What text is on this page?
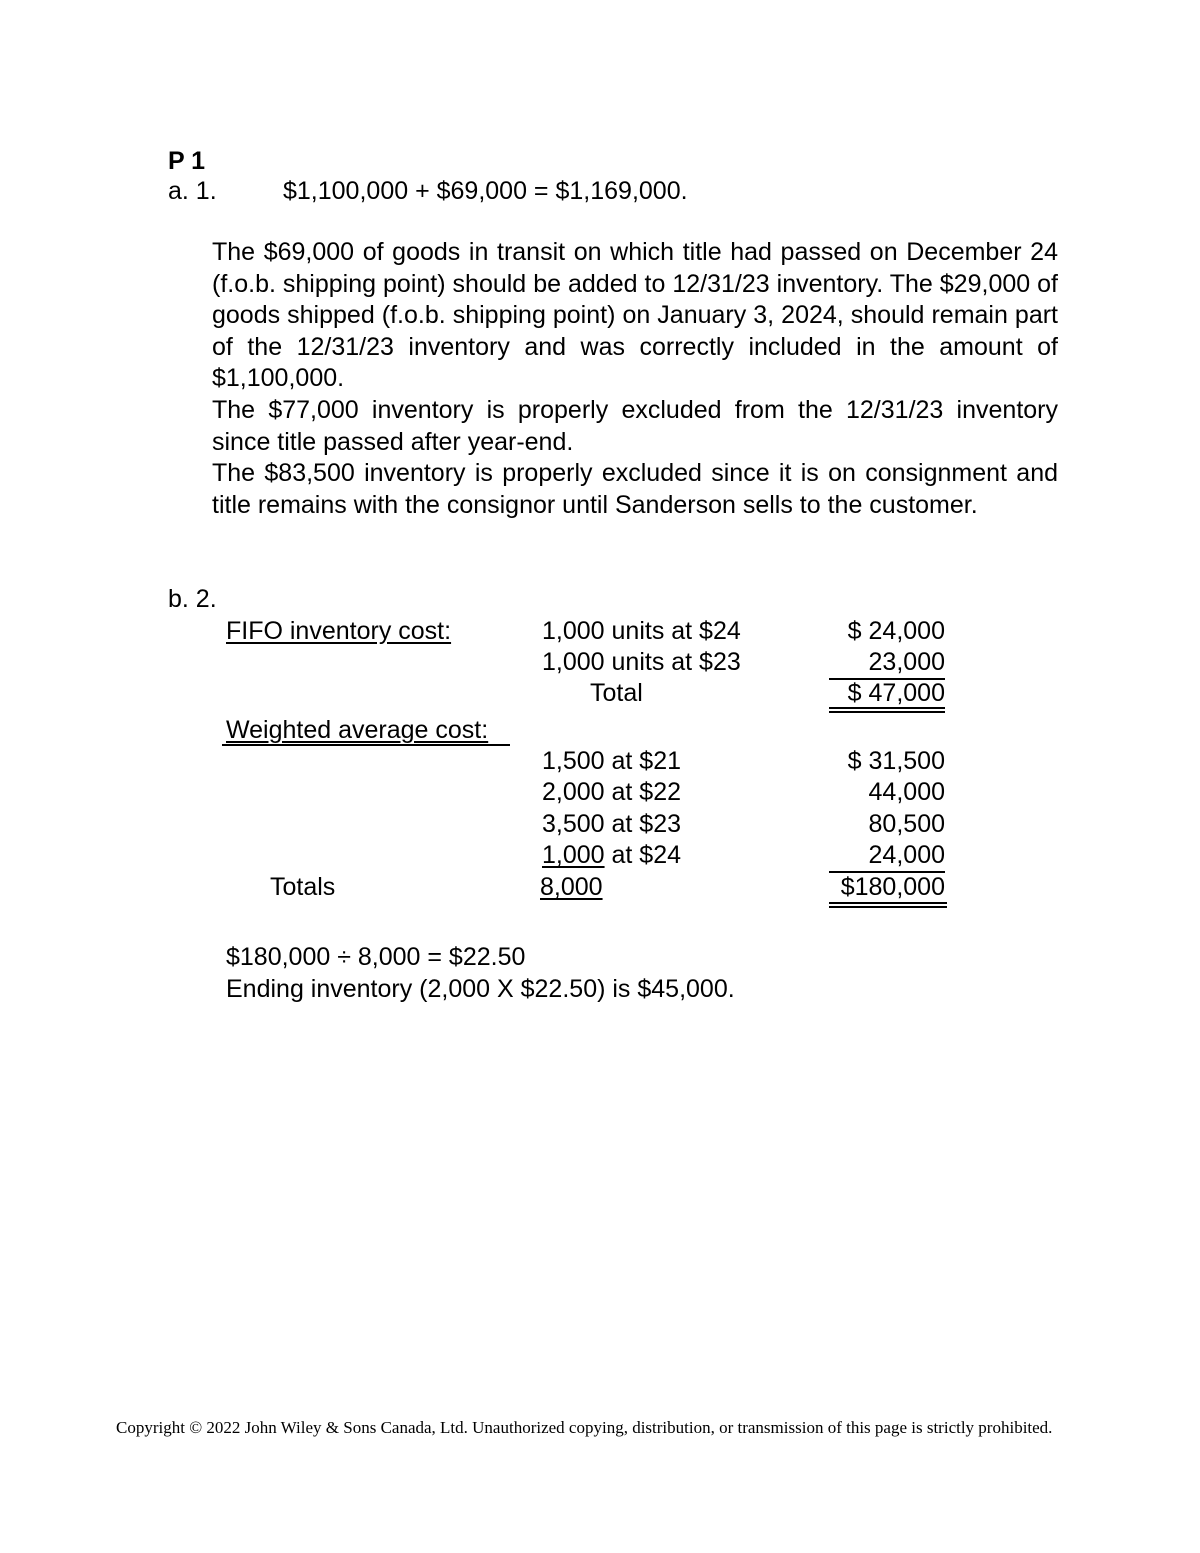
P 1
a. 1.	$1,100,000 + $69,000 = $1,169,000.
The $69,000 of goods in transit on which title had passed on December 24 (f.o.b. shipping point) should be added to 12/31/23 inventory. The $29,000 of goods shipped (f.o.b. shipping point) on January 3, 2024, should remain part of the 12/31/23 inventory and was correctly included in the amount of $1,100,000.
The $77,000 inventory is properly excluded from the 12/31/23 inventory since title passed after year-end.
The $83,500 inventory is properly excluded since it is on consignment and title remains with the consignor until Sanderson sells to the customer.
b. 2.
FIFO inventory cost:	1,000 units at $24	$ 24,000
1,000 units at $23	23,000
Total	$ 47,000
Weighted average cost:
1,500 at $21	$ 31,500
2,000 at $22	44,000
3,500 at $23	80,500
1,000 at $24	24,000
Totals	8,000	$180,000
$180,000 ÷ 8,000 = $22.50
Ending inventory (2,000 X $22.50) is $45,000.
Copyright © 2022 John Wiley & Sons Canada, Ltd. Unauthorized copying, distribution, or transmission of this page is strictly prohibited.
